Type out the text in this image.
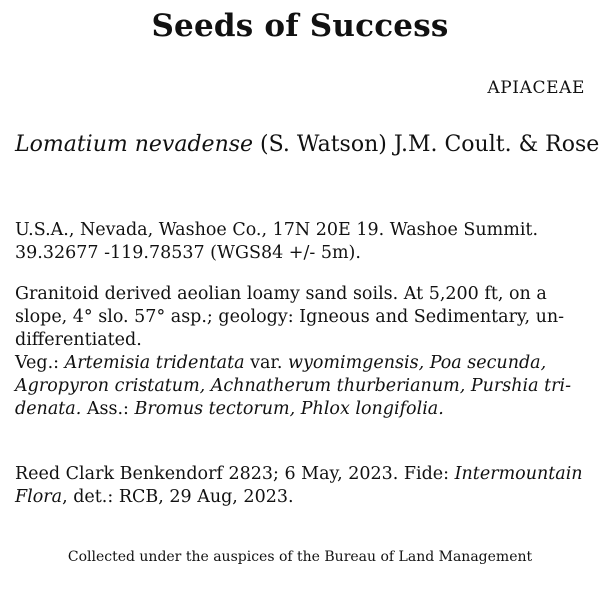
Seeds of Success
APIACEAE
Lomatium nevadense (S. Watson) J.M. Coult. & Rose
U.S.A., Nevada, Washoe Co., 17N 20E 19. Washoe Summit.
39.32677 -119.78537 (WGS84 +/- 5m).
Granitoid derived aeolian loamy sand soils. At 5,200 ft, on a
slope, 4° slo. 57° asp.; geology: Igneous and Sedimentary, un-
differentiated.
Veg.: Artemisia tridentata var. wyomimgensis, Poa secunda,
Agropyron cristatum, Achnatherum thurberianum, Purshia tri-
denata. Ass.: Bromus tectorum, Phlox longifolia.
Reed Clark Benkendorf 2823; 6 May, 2023. Fide: Intermountain
Flora, det.: RCB, 29 Aug, 2023.
Collected under the auspices of the Bureau of Land Management
